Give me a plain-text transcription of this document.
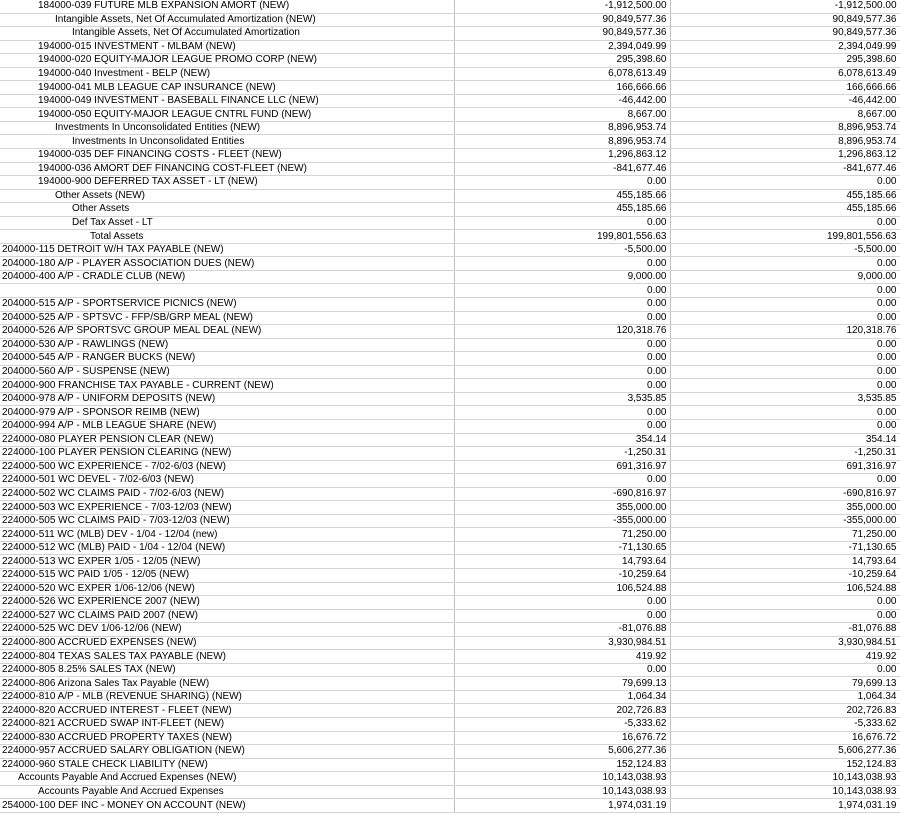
184000-039 FUTURE MLB EXPANSION AMORT (NEW)	-1,912,500.00	-1,912,500.00
Intangible Assets, Net Of Accumulated Amortization (NEW)	90,849,577.36	90,849,577.36
Intangible Assets, Net Of Accumulated Amortization	90,849,577.36	90,849,577.36
194000-015 INVESTMENT - MLBAM (NEW)	2,394,049.99	2,394,049.99
194000-020 EQUITY-MAJOR LEAGUE PROMO CORP (NEW)	295,398.60	295,398.60
194000-040 Investment - BELP (NEW)	6,078,613.49	6,078,613.49
194000-041 MLB LEAGUE CAP INSURANCE (NEW)	166,666.66	166,666.66
194000-049 INVESTMENT - BASEBALL FINANCE LLC (NEW)	-46,442.00	-46,442.00
194000-050 EQUITY-MAJOR LEAGUE CNTRL FUND (NEW)	8,667.00	8,667.00
Investments In Unconsolidated Entities (NEW)	8,896,953.74	8,896,953.74
Investments In Unconsolidated Entities	8,896,953.74	8,896,953.74
194000-035 DEF FINANCING COSTS - FLEET (NEW)	1,296,863.12	1,296,863.12
194000-036 AMORT DEF FINANCING COST-FLEET (NEW)	-841,677.46	-841,677.46
194000-900 DEFERRED TAX ASSET - LT (NEW)	0.00	0.00
Other Assets (NEW)	455,185.66	455,185.66
Other Assets	455,185.66	455,185.66
Def Tax Asset - LT	0.00	0.00
Total Assets	199,801,556.63	199,801,556.63
204000-115 DETROIT W/H TAX PAYABLE (NEW)	-5,500.00	-5,500.00
204000-180 A/P - PLAYER ASSOCIATION DUES (NEW)	0.00	0.00
204000-400 A/P - CRADLE CLUB (NEW)	9,000.00	9,000.00
	0.00	0.00
204000-515 A/P - SPORTSERVICE PICNICS (NEW)	0.00	0.00
204000-525 A/P - SPTSVC - FFP/SB/GRP MEAL (NEW)	0.00	0.00
204000-526 A/P SPORTSVC GROUP MEAL DEAL (NEW)	120,318.76	120,318.76
204000-530 A/P - RAWLINGS (NEW)	0.00	0.00
204000-545 A/P - RANGER BUCKS (NEW)	0.00	0.00
204000-560 A/P - SUSPENSE (NEW)	0.00	0.00
204000-900 FRANCHISE TAX PAYABLE - CURRENT (NEW)	0.00	0.00
204000-978 A/P - UNIFORM DEPOSITS (NEW)	3,535.85	3,535.85
204000-979 A/P - SPONSOR REIMB (NEW)	0.00	0.00
204000-994 A/P - MLB LEAGUE SHARE (NEW)	0.00	0.00
224000-080 PLAYER PENSION CLEAR (NEW)	354.14	354.14
224000-100 PLAYER PENSION CLEARING (NEW)	-1,250.31	-1,250.31
224000-500 WC EXPERIENCE - 7/02-6/03 (NEW)	691,316.97	691,316.97
224000-501 WC DEVEL - 7/02-6/03 (NEW)	0.00	0.00
224000-502 WC CLAIMS PAID - 7/02-6/03 (NEW)	-690,816.97	-690,816.97
224000-503 WC EXPERIENCE - 7/03-12/03 (NEW)	355,000.00	355,000.00
224000-505 WC CLAIMS PAID - 7/03-12/03 (NEW)	-355,000.00	-355,000.00
224000-511 WC (MLB) DEV - 1/04 - 12/04 (new)	71,250.00	71,250.00
224000-512 WC (MLB) PAID - 1/04 - 12/04 (NEW)	-71,130.65	-71,130.65
224000-513 WC EXPER 1/05 - 12/05 (NEW)	14,793.64	14,793.64
224000-515 WC PAID 1/05 - 12/05 (NEW)	-10,259.64	-10,259.64
224000-520 WC EXPER 1/06-12/06 (NEW)	106,524.88	106,524.88
224000-526 WC EXPERIENCE 2007 (NEW)	0.00	0.00
224000-527 WC CLAIMS PAID 2007 (NEW)	0.00	0.00
224000-525 WC DEV 1/06-12/06 (NEW)	-81,076.88	-81,076.88
224000-800 ACCRUED EXPENSES (NEW)	3,930,984.51	3,930,984.51
224000-804 TEXAS SALES TAX PAYABLE (NEW)	419.92	419.92
224000-805 8.25% SALES TAX (NEW)	0.00	0.00
224000-806 Arizona Sales Tax Payable (NEW)	79,699.13	79,699.13
224000-810 A/P - MLB (REVENUE SHARING) (NEW)	1,064.34	1,064.34
224000-820 ACCRUED INTEREST - FLEET (NEW)	202,726.83	202,726.83
224000-821 ACCRUED SWAP INT-FLEET (NEW)	-5,333.62	-5,333.62
224000-830 ACCRUED PROPERTY TAXES (NEW)	16,676.72	16,676.72
224000-957 ACCRUED SALARY OBLIGATION (NEW)	5,606,277.36	5,606,277.36
224000-960 STALE CHECK LIABILITY (NEW)	152,124.83	152,124.83
Accounts Payable And Accrued Expenses (NEW)	10,143,038.93	10,143,038.93
Accounts Payable And Accrued Expenses	10,143,038.93	10,143,038.93
254000-100 DEF INC - MONEY ON ACCOUNT (NEW)	1,974,031.19	1,974,031.19
